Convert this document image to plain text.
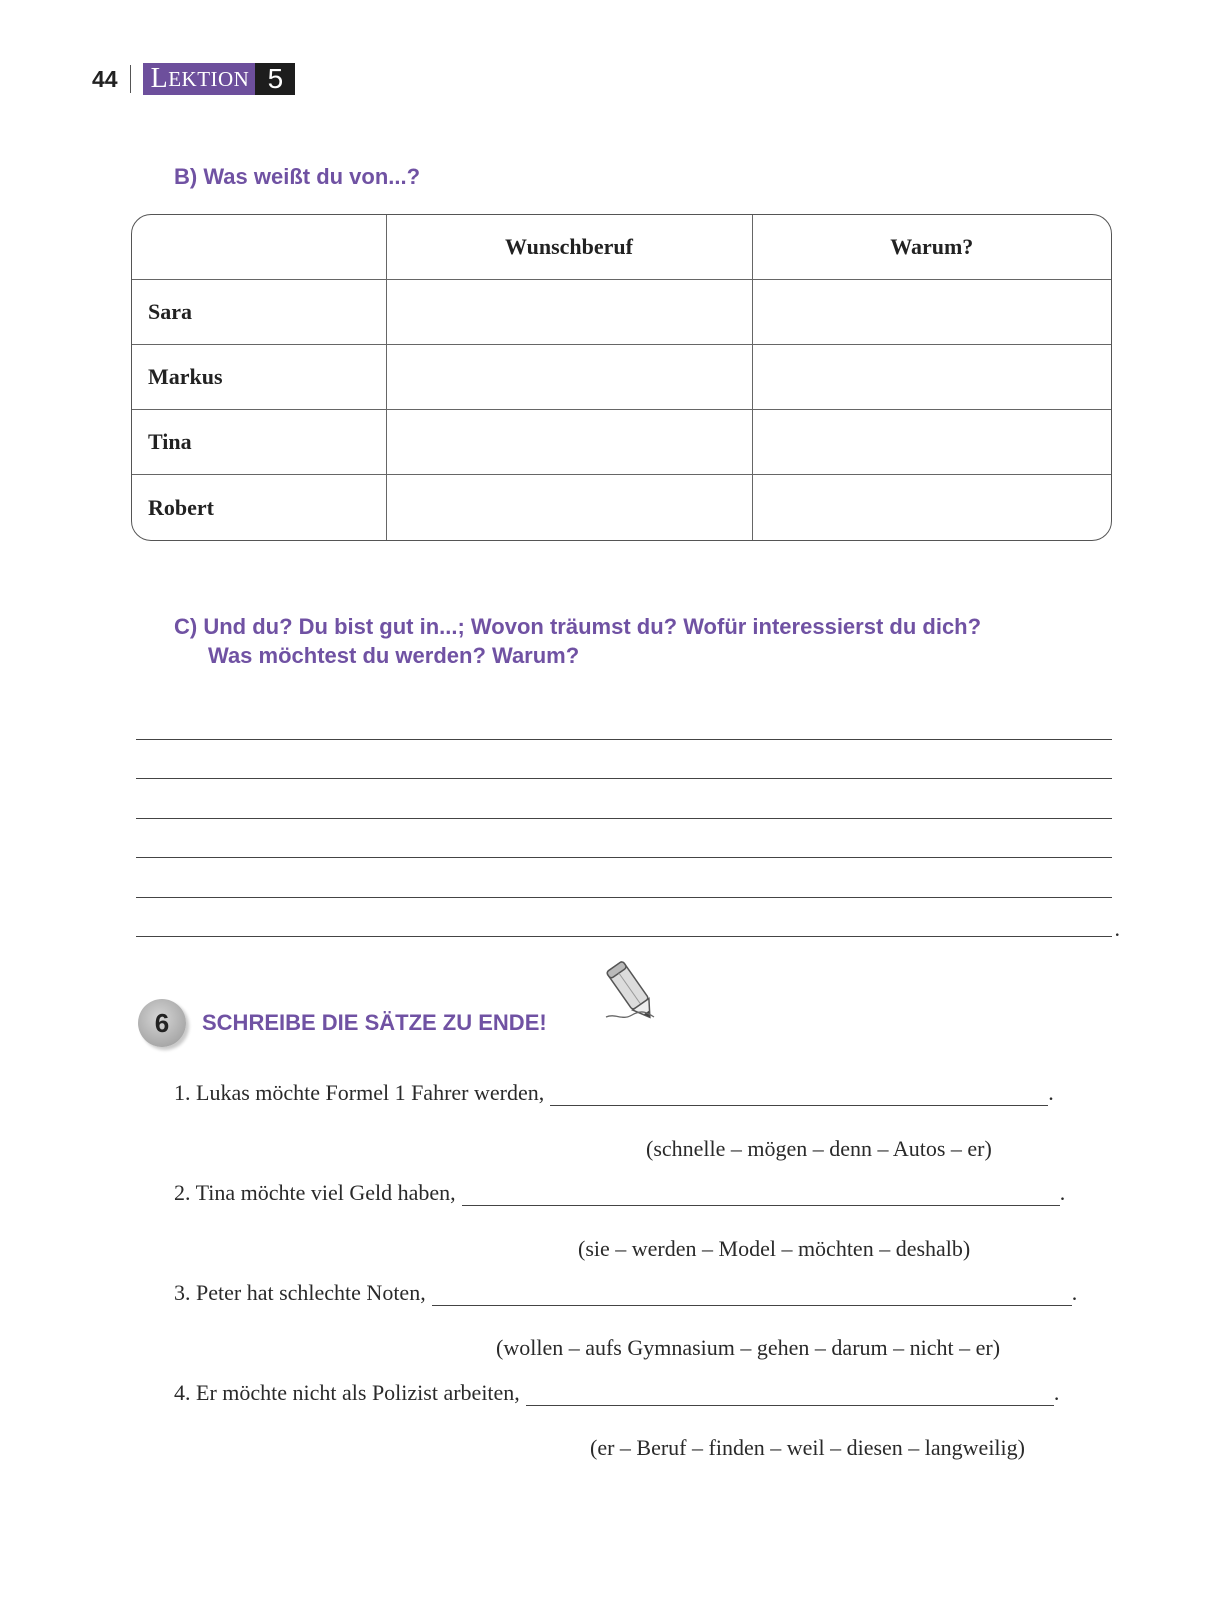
44 L EKTION 5
B) Was weißt du von...?
	Wunschberuf	Warum?
Sara		
Markus		
Tina		
Robert		
C) Und du? Du bist gut in...; Wovon träumst du? Wofür interessierst du dich?
Was möchtest du werden? Warum?
.
6	SCHREIBE DIE SÄTZE ZU ENDE!
1. Lukas möchte Formel 1 Fahrer werden,	.
(schnelle – mögen – denn – Autos – er)
2. Tina möchte viel Geld haben,	.
(sie – werden – Model – möchten – deshalb)
3. Peter hat schlechte Noten,	.
(wollen – aufs Gymnasium – gehen – darum – nicht – er)
4. Er möchte nicht als Polizist arbeiten,	.
(er – Beruf – finden – weil – diesen – langweilig)
